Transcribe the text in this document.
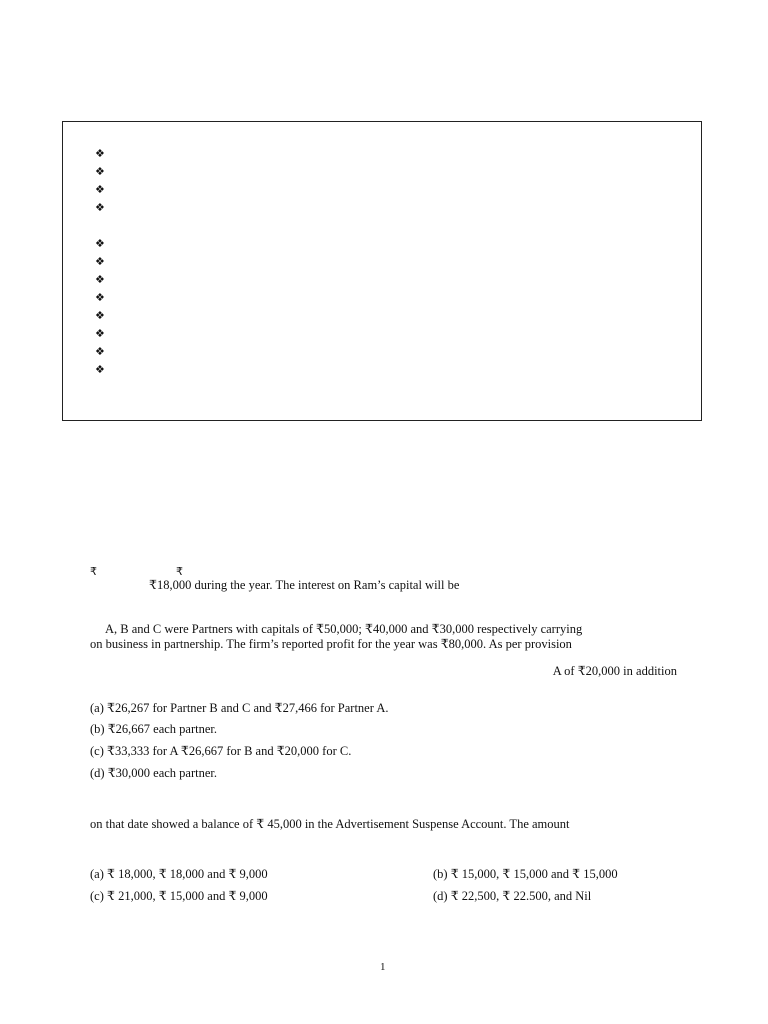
❖
❖
❖
❖
❖
❖
❖
❖
❖
❖
❖
❖
₹	₹
₹18,000 during the year. The interest on Ram’s capital will be
A, B and C were Partners with capitals of ₹50,000; ₹40,000 and ₹30,000 respectively carrying
on business in partnership. The firm’s reported profit for the year was ₹80,000. As per provision
A of ₹20,000 in addition
(a) ₹26,267 for Partner B and C and ₹27,466 for Partner A.
(b) ₹26,667 each partner.
(c) ₹33,333 for A ₹26,667 for B and ₹20,000 for C.
(d) ₹30,000 each partner.
on that date showed a balance of ₹ 45,000 in the Advertisement Suspense Account. The amount
(a) ₹ 18,000, ₹ 18,000 and ₹ 9,000	(b) ₹ 15,000, ₹ 15,000 and ₹ 15,000
(c) ₹ 21,000, ₹ 15,000 and ₹ 9,000	(d) ₹ 22,500, ₹ 22.500, and Nil
1
